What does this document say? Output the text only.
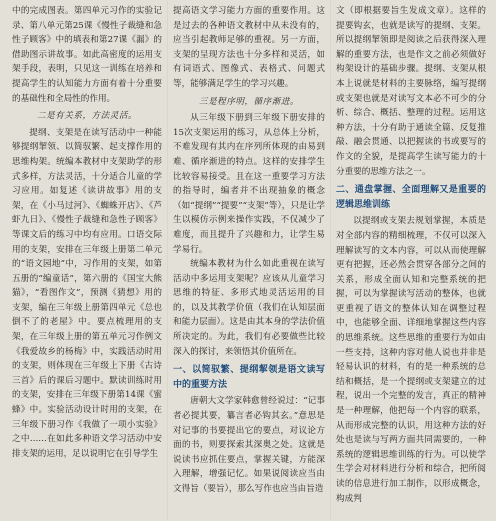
中的完成图表。第四单元习作的实验记录、第八单元第25课《慢性子裁缝和急性子顾客》中的填表和第27课《漏》的借助图示讲故事。如此高密度的运用支架手段，表明，只见这一训练在培养和提高学生的认知能力方面有着十分重要的基础性和全局性的作用。

二是有关系，方法灵活。

提纲、支架是在读写活动中一种能够提纲挈领、以简驭繁、起支撑作用的思维构架。统编本教材中支架助学的形式多样，方法灵活，十分适合儿童的学习应用。如复述《读讲故事》用的支架，在《小马过河》、《蜘蛛开店》、《芦虾九日》、《慢性子裁缝和急性子顾客》等课文后的练习中均有应用。口语交际用的支架，安排在三年级上册第二单元的“语文园地”中，习作用的支架，如第五册的“编童话”，第六册的《国宝大熊猫》，“看图作文”，预测《猜想》用的支架，编在三年级上册第四单元《总也倒不了的老屋》中。要点梳理用的支架，在三年级上册的第五单元习作例文《我爱故乡的杨梅》中，实践活动时用的支架，则体现在三年级上下册《古诗三首》后的课后习题中。默读训练时用的支架，安排在三年级下册第14课《蜜蜂》中。实验活动设计时用的支架，在三年级下册习作《我做了一项小实验》之中……在如此多种语文学习活动中安排支架的运用，足以说明它在引导学生

提高语文学习能力方面的重要作用。这是过去的各种语文教材中从未没有的，应当引起教师足够的重视。另一方面，支架的呈现方法也十分多样和灵活，如有词语式、图像式、表格式、问题式等，能够满足学生的学习兴趣。

三是程序明，循序渐进。

从三年级下册到三年级下册安排的15次支架运用的练习，从总体上分析，不难发现有其内在序列所体现的由易到难、循序渐进的特点。这样的安排学生比较容易接受。且在这一重要学习方法的指导时，编者并不出现抽象的概念（如“提纲”“提要”“支架”等），只是让学生以模仿示例来操作实践，不仅减少了难度，而且提升了兴趣和力，让学生易学易行。

统编本教材为什么如此重视在读写活动中多运用支架呢？应该从儿童学习思维的特征、多形式地灵活运用的目的，以及其教学价值（我们在认知层面和能力层面）。这是由其本身的学法价值所决定的。为此，我们有必要做些比较深入的探讨，来领悟其价值所在。

一、以简驭繁、提纲挈领是语文读写中的重要方法

唐朝大文学家韩愈曾经说过：“记事者必提其要，纂言者必钩其玄。”意思是对记事的书要提出它的要点，对议论方面的书，则要探索其深奥之处。这就是说读书应抓住要点，掌握关键，方能深入理解，增强记忆。如果说阅读应当由文得旨（要旨），那么写作也应当由旨造

文（即根据要旨生发成文章）。这样的提要钩玄，也就是读写的提纲、支架。所以提纲挈领即是阅读之后获得深入理解的重要方法，也是作文之前必须做好构架设计的基础步骤。提纲、支架从根本上说就是材料的主要脉络，编写提纲或支架也就是对读写文本必不可少的分析、综合、概括、整理的过程。运用这种方法，十分有助于通读全篇、反复推敲、融会贯通、以把握读的书或要写的作文的全貌，是提高学生读写能力的十分重要的思维方法之一。

二、通盘掌握、全面理解又是重要的逻辑思维训练

以提纲或支架去规划掌握，本质是对全部内容的精细梳理，不仅可以深入理解读写的文本内容，可以从而使理解更有把握，还必然会贯穿各部分之间的关系，形成全面认知和完整系统的把握，可以为掌握读写活动的整体，也就更重视了语文的整体认知在调整过程中，也能够全面、详细地掌握这些内容的思维系统。这些思维的重要行为如由一些支持，这种内容对他人说也并非是轻易认识的材料，有的是一种系统的总结和概括，是一个提纲或支架建立的过程，说出一个完整的发言，真正的精神是一种理解，他把每一个内容的联系，从而形成完整的认识，用这种方法的好处也是读与写两方面共同需要的，一种系统的逻辑思维训练的行为。可以使学生学会对材料进行分析和综合，把所阅读的信息进行加工制作，以形成概念，构成判
